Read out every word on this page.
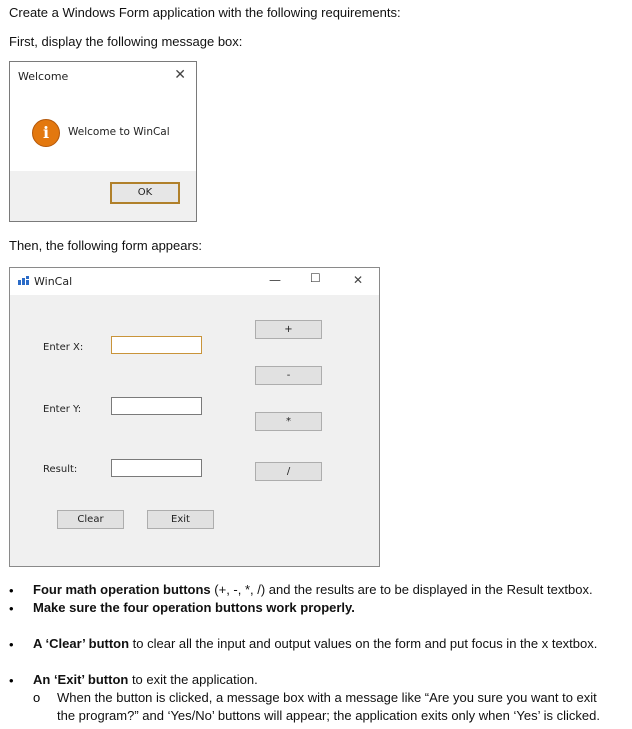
Create a Windows Form application with the following requirements:
First, display the following message box:
Welcome	✕
i	Welcome to WinCal
OK
Then, the following form appears:
WinCal	— ☐	✕
Enter X:
Enter Y:
Result:
+
-
*
/
Clear	Exit
• Four math operation buttons (+, -, *, /) and the results are to be displayed in the Result textbox.
• Make sure the four operation buttons work properly.
• A ‘Clear’ button to clear all the input and output values on the form and put focus in the x textbox.
• An ‘Exit’ button to exit the application.
o When the button is clicked, a message box with a message like “Are you sure you want to exit
the program?” and ‘Yes/No’ buttons will appear; the application exits only when ‘Yes’ is clicked.
